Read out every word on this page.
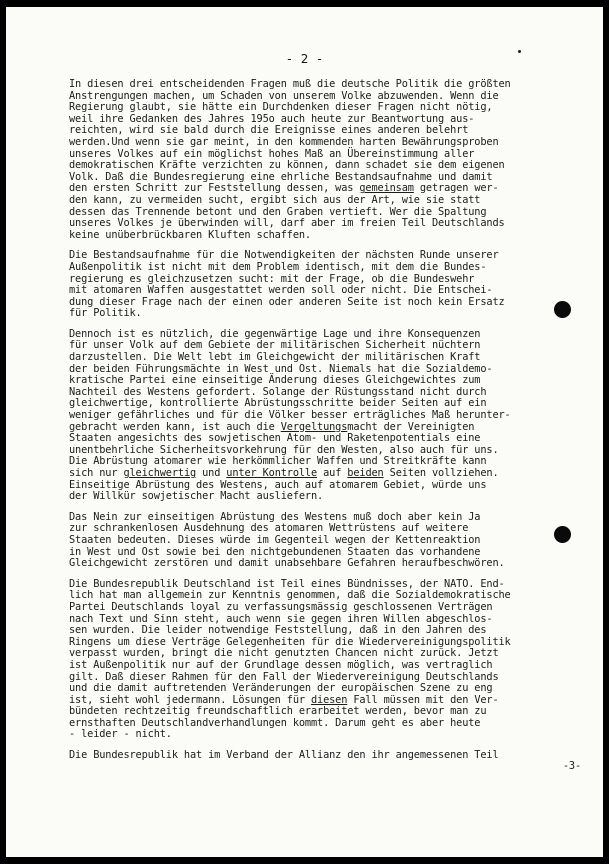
- 2 -
In diesen drei entscheidenden Fragen muß die deutsche Politik die größten
Anstrengungen machen, um Schaden von unserem Volke abzuwenden. Wenn die
Regierung glaubt, sie hätte ein Durchdenken dieser Fragen nicht nötig,
weil ihre Gedanken des Jahres 195o auch heute zur Beantwortung aus-
reichten, wird sie bald durch die Ereignisse eines anderen belehrt
werden.Und wenn sie gar meint, in den kommenden harten Bewährungsproben
unseres Volkes auf ein möglichst hohes Maß an Übereinstimmung aller
demokratischen Kräfte verzichten zu können, dann schadet sie dem eigenen
Volk. Daß die Bundesregierung eine ehrliche Bestandsaufnahme und damit
den ersten Schritt zur Feststellung dessen, was gemeinsam getragen wer-
den kann, zu vermeiden sucht, ergibt sich aus der Art, wie sie statt
dessen das Trennende betont und den Graben vertieft. Wer die Spaltung
unseres Volkes je überwinden will, darf aber im freien Teil Deutschlands
keine unüberbrückbaren Kluften schaffen.
Die Bestandsaufnahme für die Notwendigkeiten der nächsten Runde unserer
Außenpolitik ist nicht mit dem Problem identisch, mit dem die Bundes-
regierung es gleichzusetzen sucht: mit der Frage, ob die Bundeswehr
mit atomaren Waffen ausgestattet werden soll oder nicht. Die Entschei-
dung dieser Frage nach der einen oder anderen Seite ist noch kein Ersatz
für Politik.
Dennoch ist es nützlich, die gegenwärtige Lage und ihre Konsequenzen
für unser Volk auf dem Gebiete der militärischen Sicherheit nüchtern
darzustellen. Die Welt lebt im Gleichgewicht der militärischen Kraft
der beiden Führungsmächte in West und Ost. Niemals hat die Sozialdemo-
kratische Partei eine einseitige Änderung dieses Gleichgewichtes zum
Nachteil des Westens gefordert. Solange der Rüstungsstand nicht durch
gleichwertige, kontrollierte Abrüstungsschritte beider Seiten auf ein
weniger gefährliches und für die Völker besser erträgliches Maß herunter-
gebracht werden kann, ist auch die Vergeltungsmacht der Vereinigten
Staaten angesichts des sowjetischen Atom- und Raketenpotentials eine
unentbehrliche Sicherheitsvorkehrung für den Westen, also auch für uns.
Die Abrüstung atomarer wie herkömmlicher Waffen und Streitkräfte kann
sich nur gleichwertig und unter Kontrolle auf beiden Seiten vollziehen.
Einseitige Abrüstung des Westens, auch auf atomarem Gebiet, würde uns
der Willkür sowjetischer Macht ausliefern.
Das Nein zur einseitigen Abrüstung des Westens muß doch aber kein Ja
zur schrankenlosen Ausdehnung des atomaren Wettrüstens auf weitere
Staaten bedeuten. Dieses würde im Gegenteil wegen der Kettenreaktion
in West und Ost sowie bei den nichtgebundenen Staaten das vorhandene
Gleichgewicht zerstören und damit unabsehbare Gefahren heraufbeschwören.
Die Bundesrepublik Deutschland ist Teil eines Bündnisses, der NATO. End-
lich hat man allgemein zur Kenntnis genommen, daß die Sozialdemokratische
Partei Deutschlands loyal zu verfassungsmässig geschlossenen Verträgen
nach Text und Sinn steht, auch wenn sie gegen ihren Willen abgeschlos-
sen wurden. Die leider notwendige Feststellung, daß in den Jahren des
Ringens um diese Verträge Gelegenheiten für die Wiedervereinigungspolitik
verpasst wurden, bringt die nicht genutzten Chancen nicht zurück. Jetzt
ist Außenpolitik nur auf der Grundlage dessen möglich, was vertraglich
gilt. Daß dieser Rahmen für den Fall der Wiedervereinigung Deutschlands
und die damit auftretenden Veränderungen der europäischen Szene zu eng
ist, sieht wohl jedermann. Lösungen für diesen Fall müssen mit den Ver-
bündeten rechtzeitig freundschaftlich erarbeitet werden, bevor man zu
ernsthaften Deutschlandverhandlungen kommt. Darum geht es aber heute
- leider - nicht.
Die Bundesrepublik hat im Verband der Allianz den ihr angemessenen Teil
-3-
